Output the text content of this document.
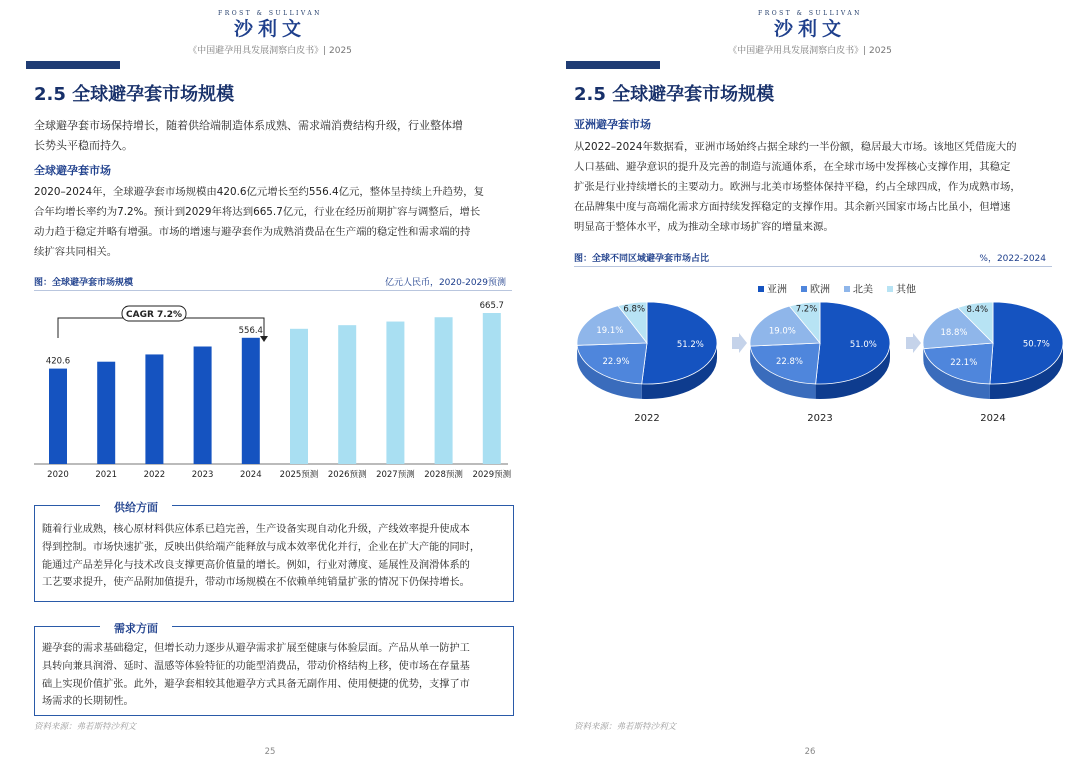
FROST & SULLIVAN
沙利文
《中国避孕用具发展洞察白皮书》| 2025
2.5 全球避孕套市场规模
全球避孕套市场保持增长，随着供给端制造体系成熟、需求端消费结构升级，行业整体增
长势头平稳而持久。
全球避孕套市场
2020–2024年，全球避孕套市场规模由420.6亿元增长至约556.4亿元，整体呈持续上升趋势，复
合年均增长率约为7.2%。预计到2029年将达到665.7亿元，行业在经历前期扩容与调整后，增长
动力趋于稳定并略有增强。市场的增速与避孕套作为成熟消费品在生产端的稳定性和需求端的持
续扩容共同相关。
图：全球避孕套市场规模	亿元人民币，2020-2029预测
2020
420.6
2021	2022	2023	2024
556.4
2025预测 2026预测 2027预测 2028预测 2029预测
665.7
CAGR 7.2%
供给方面
随着行业成熟，核心原材料供应体系已趋完善，生产设备实现自动化升级，产线效率提升使成本
得到控制。市场快速扩张，反映出供给端产能释放与成本效率优化并行，企业在扩大产能的同时，
能通过产品差异化与技术改良支撑更高价值量的增长。例如，行业对薄度、延展性及润滑体系的
工艺要求提升，使产品附加值提升，带动市场规模在不依赖单纯销量扩张的情况下仍保持增长。
需求方面
避孕套的需求基础稳定，但增长动力逐步从避孕需求扩展至健康与体验层面。产品从单一防护工
具转向兼具润滑、延时、温感等体验特征的功能型消费品，带动价格结构上移，使市场在存量基
础上实现价值扩张。此外，避孕套相较其他避孕方式具备无副作用、使用便捷的优势，支撑了市
场需求的长期韧性。
资料来源：弗若斯特沙利文
25
FROST & SULLIVAN
沙利文
《中国避孕用具发展洞察白皮书》| 2025
2.5 全球避孕套市场规模
亚洲避孕套市场
从2022–2024年数据看，亚洲市场始终占据全球约一半份额，稳居最大市场。该地区凭借庞大的
人口基础、避孕意识的提升及完善的制造与流通体系，在全球市场中发挥核心支撑作用，其稳定
扩张是行业持续增长的主要动力。欧洲与北美市场整体保持平稳，约占全球四成，作为成熟市场，
在品牌集中度与高端化需求方面持续发挥稳定的支撑作用。其余新兴国家市场占比虽小，但增速
明显高于整体水平，成为推动全球市场扩容的增量来源。
图：全球不同区域避孕套市场占比	%，2022-2024
亚洲 欧洲 北美 其他
51.2%
22.9%
19.1%
6.8%
2022
51.0%
22.8%
19.0%
7.2%
2023
50.7%
22.1%
18.8%
8.4%
2024
资料来源：弗若斯特沙利文
26
